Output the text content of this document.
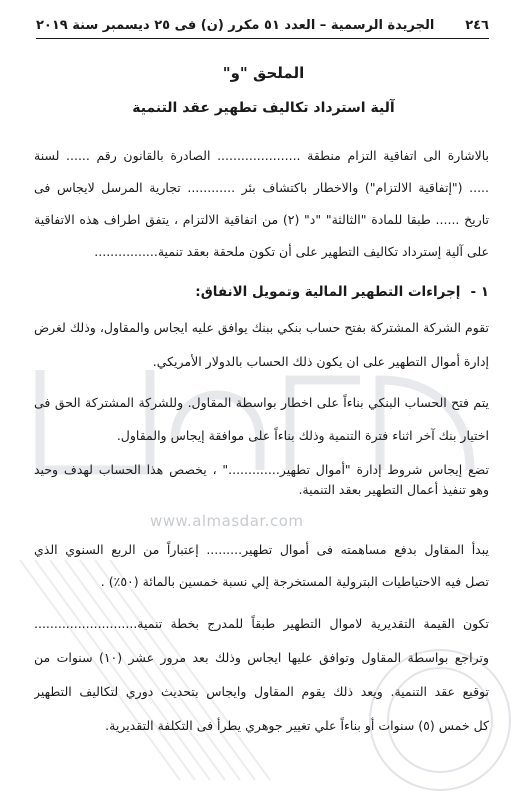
www.almasdar.com
٢٤٦
الجريدة الرسمية – العدد ٥١ مكرر (ن) فى ٢٥ ديسمبر سنة ٢٠١٩
الملحق "و"
آلية استرداد تكاليف تطهير عقد التنمية
بالاشارة الى اتفاقية التزام منطقة ..................... الصادرة بالقانون رقم ...... لسنة
..... ("إتفاقية الالتزام") والاخطار باكتشاف بئر ............ تجارية المرسل لايجاس فى
تاريخ ...... طبقا للمادة "الثالثة" "د" (٢) من اتفاقية الالتزام ، يتفق اطراف هذه الاتفاقية
على آلية إسترداد تكاليف التطهير على أن تكون ملحقة بعقد تنمية................
١ -إجراءات التطهير المالية وتمويل الانفاق:
تقوم الشركة المشتركة بفتح حساب بنكي ببنك يوافق عليه ايجاس والمقاول، وذلك لغرض
إدارة أموال التطهير على ان يكون ذلك الحساب بالدولار الأمريكي.
يتم فتح الحساب البنكي بناءاً على اخطار بواسطة المقاول. وللشركة المشتركة الحق فى
اختيار بنك آخر اثناء فترة التنمية وذلك بناءاً على موافقة إيجاس والمقاول.
تضع إيجاس شروط إدارة "أموال تطهير............." ، يخصص هذا الحساب لهدف وحيد
وهو تنفيذ أعمال التطهير بعقد التنمية.
يبدأ المقاول بدفع مساهمته فى أموال تطهير......... إعتباراً من الربع السنوي الذي
تصل فيه الاحتياطيات البترولية المستخرجة إلي نسبة خمسين بالمائة (٥٠٪) .
تكون القيمة التقديرية لاموال التطهير طبقاً للمدرج بخطة تنمية..........................
وتراجع بواسطة المقاول وتوافق عليها ايجاس وذلك بعد مرور عشر (١٠) سنوات من
توقيع عقد التنمية. ويعد ذلك يقوم المقاول وايجاس بتحديث دوري لتكاليف التطهير
كل خمس (٥) سنوات أو بناءاً علي تغيير جوهري يطرأ فى التكلفة التقديرية.
